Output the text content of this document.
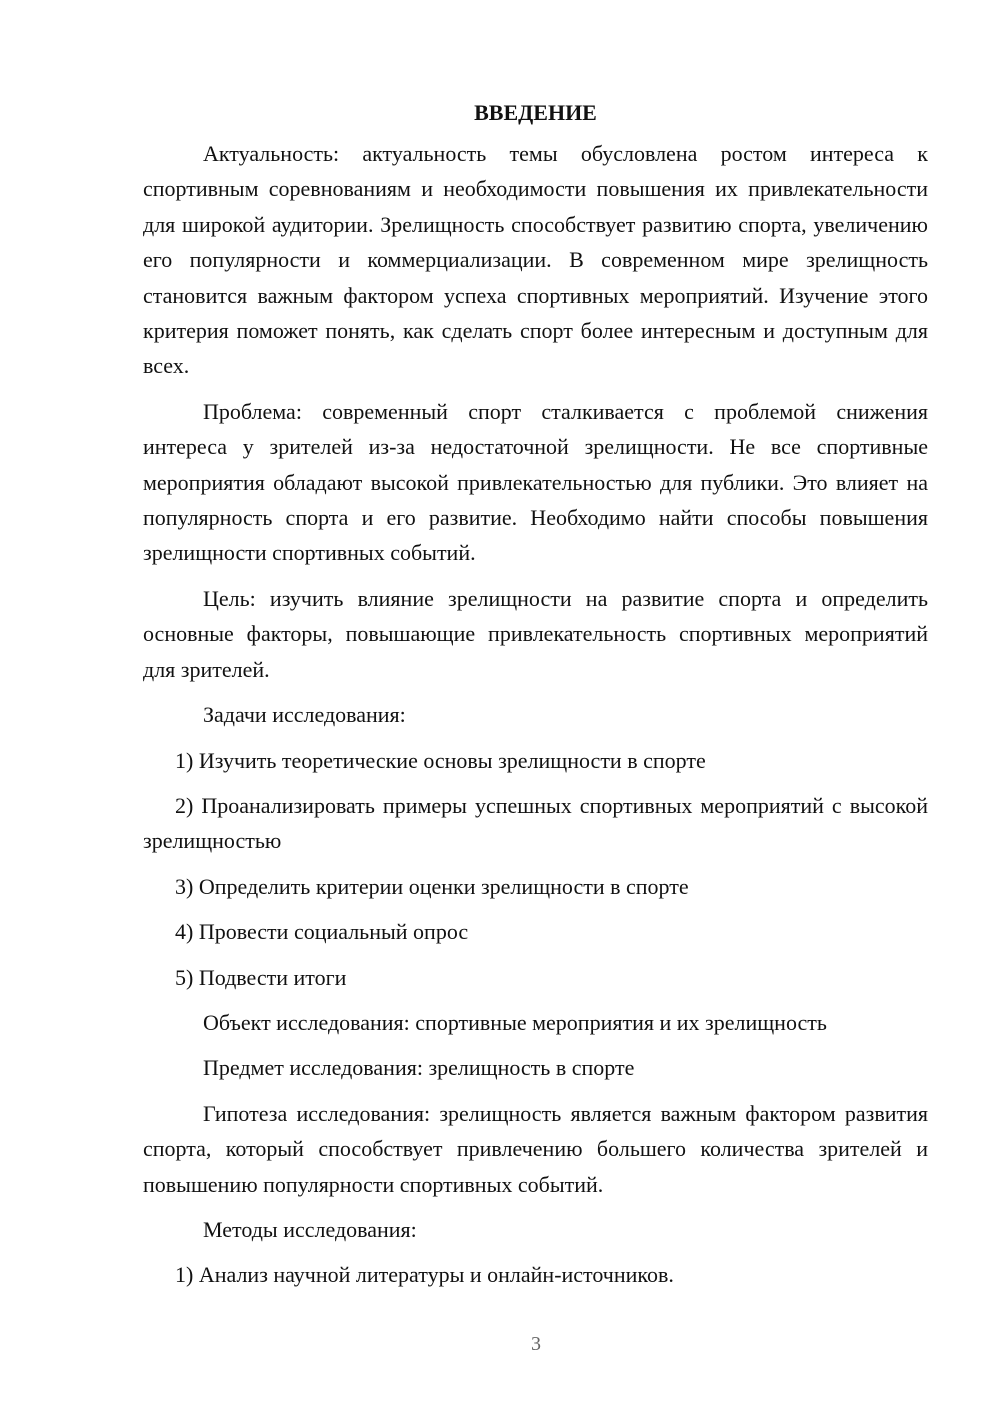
ВВЕДЕНИЕ

Актуальность: актуальность темы обусловлена ростом интереса к спортивным соревнованиям и необходимости повышения их привлекательности для широкой аудитории. Зрелищность способствует развитию спорта, увеличению его популярности и коммерциализации. В современном мире зрелищность становится важным фактором успеха спортивных мероприятий. Изучение этого критерия поможет понять, как сделать спорт более интересным и доступным для всех.

Проблема: современный спорт сталкивается с проблемой снижения интереса у зрителей из-за недостаточной зрелищности. Не все спортивные мероприятия обладают высокой привлекательностью для публики. Это влияет на популярность спорта и его развитие. Необходимо найти способы повышения зрелищности спортивных событий.

Цель: изучить влияние зрелищности на развитие спорта и определить основные факторы, повышающие привлекательность спортивных мероприятий для зрителей.

Задачи исследования:

1) Изучить теоретические основы зрелищности в спорте

2) Проанализировать примеры успешных спортивных мероприятий с высокой зрелищностью

3) Определить критерии оценки зрелищности в спорте

4) Провести социальный опрос

5) Подвести итоги

Объект исследования: спортивные мероприятия и их зрелищность

Предмет исследования: зрелищность в спорте

Гипотеза исследования: зрелищность является важным фактором развития спорта, который способствует привлечению большего количества зрителей и повышению популярности спортивных событий.

Методы исследования:

1) Анализ научной литературы и онлайн-источников.

3
